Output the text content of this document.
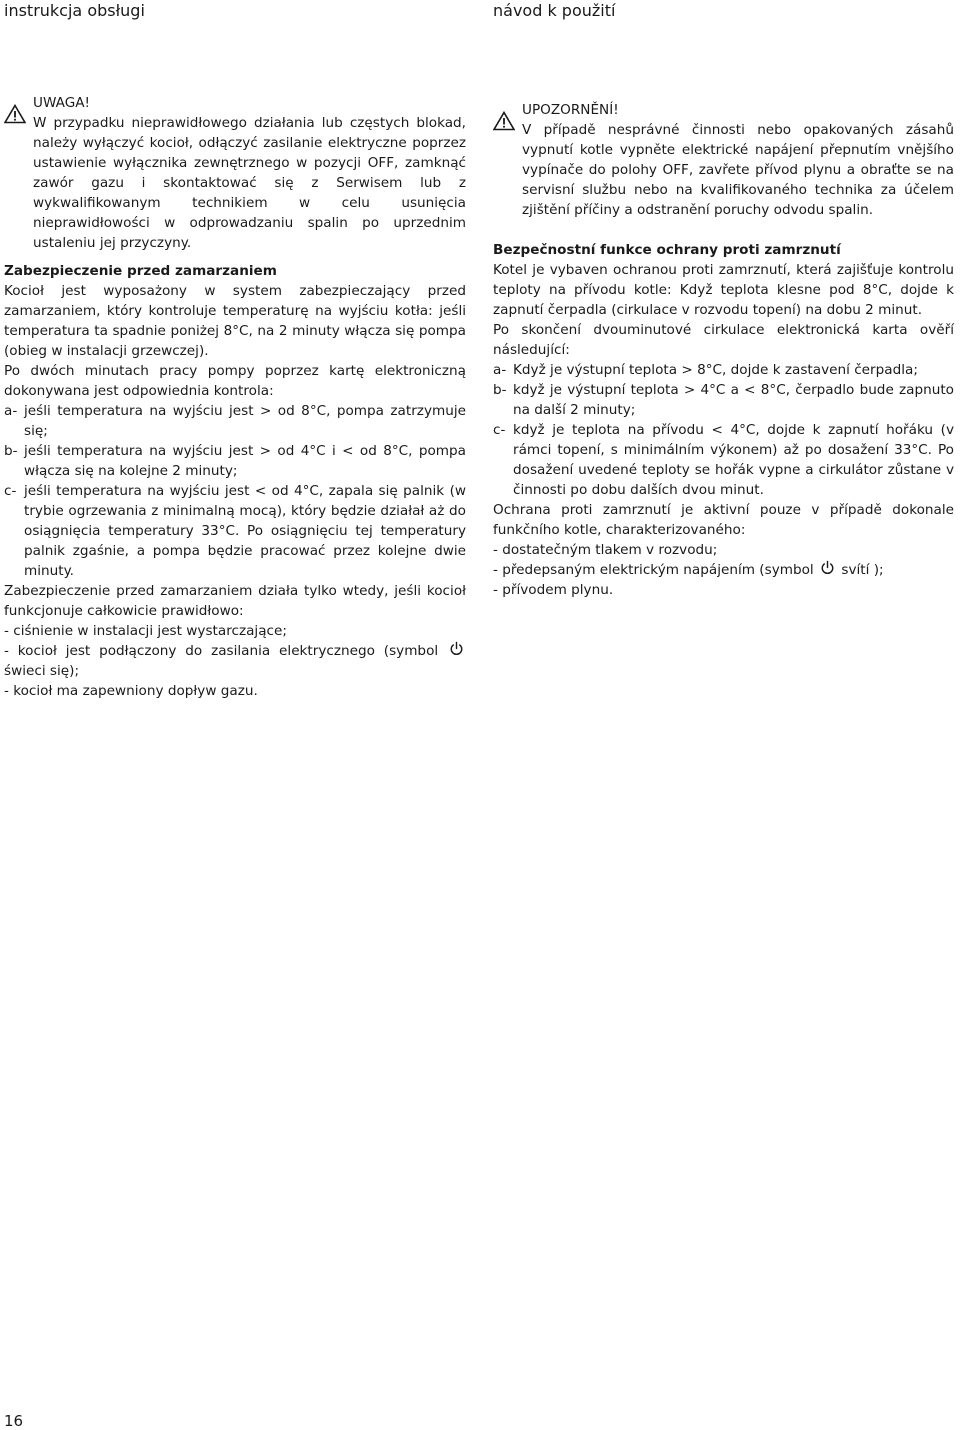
instrukcja obsługi	návod k použití
UWAGA!
W przypadku nieprawidłowego działania lub częstych blokad, należy wyłączyć kocioł, odłączyć zasilanie elektryczne poprzez ustawienie wyłącznika zewnętrznego w pozycji OFF, zamknąć zawór gazu i skontaktować się z Serwisem lub z wykwalifikowanym technikiem w celu usunięcia nieprawidłowości w odprowadzaniu spalin po uprzednim ustaleniu jej przyczyny.
Zabezpieczenie przed zamarzaniem
Kocioł jest wyposażony w system zabezpieczający przed zamarzaniem, który kontroluje temperaturę na wyjściu kotła: jeśli temperatura ta spadnie poniżej 8°C, na 2 minuty włącza się pompa (obieg w instalacji grzewczej).
Po dwóch minutach pracy pompy poprzez kartę elektroniczną dokonywana jest odpowiednia kontrola:
a- jeśli temperatura na wyjściu jest > od 8°C, pompa zatrzymuje się;
b- jeśli temperatura na wyjściu jest > od 4°C i < od 8°C, pompa włącza się na kolejne 2 minuty;
c- jeśli temperatura na wyjściu jest < od 4°C, zapala się palnik (w trybie ogrzewania z minimalną mocą), który będzie działał aż do osiągnięcia temperatury 33°C. Po osiągnięciu tej temperatury palnik zgaśnie, a pompa będzie pracować przez kolejne dwie minuty.
Zabezpieczenie przed zamarzaniem działa tylko wtedy, jeśli kocioł funkcjonuje całkowicie prawidłowo:
- ciśnienie w instalacji jest wystarczające;
- kocioł jest podłączony do zasilania elektrycznego (symbol  świeci się);
- kocioł ma zapewniony dopływ gazu.
UPOZORNĚNÍ!
V případě nesprávné činnosti nebo opakovaných zásahů vypnutí kotle vypněte elektrické napájení přepnutím vnějšího vypínače do polohy OFF, zavřete přívod plynu a obraťte se na servisní službu nebo na kvalifikovaného technika za účelem zjištění příčiny a odstranění poruchy odvodu spalin.
Bezpečnostní funkce ochrany proti zamrznutí
Kotel je vybaven ochranou proti zamrznutí, která zajišťuje kontrolu teploty na přívodu kotle: Když teplota klesne pod 8°C, dojde k zapnutí čerpadla (cirkulace v rozvodu topení) na dobu 2 minut.
Po skončení dvouminutové cirkulace elektronická karta ověří následující:
a- Když je výstupní teplota > 8°C, dojde k zastavení čerpadla;
b- když je výstupní teplota > 4°C a < 8°C, čerpadlo bude zapnuto na další 2 minuty;
c- když je teplota na přívodu < 4°C, dojde k zapnutí hořáku (v rámci topení, s minimálním výkonem) až po dosažení 33°C. Po dosažení uvedené teploty se hořák vypne a cirkulátor zůstane v činnosti po dobu dalších dvou minut.
Ochrana proti zamrznutí je aktivní pouze v případě dokonale funkčního kotle, charakterizovaného:
- dostatečným tlakem v rozvodu;
- předepsaným elektrickým napájením (symbol svítí );
- přívodem plynu.
16
